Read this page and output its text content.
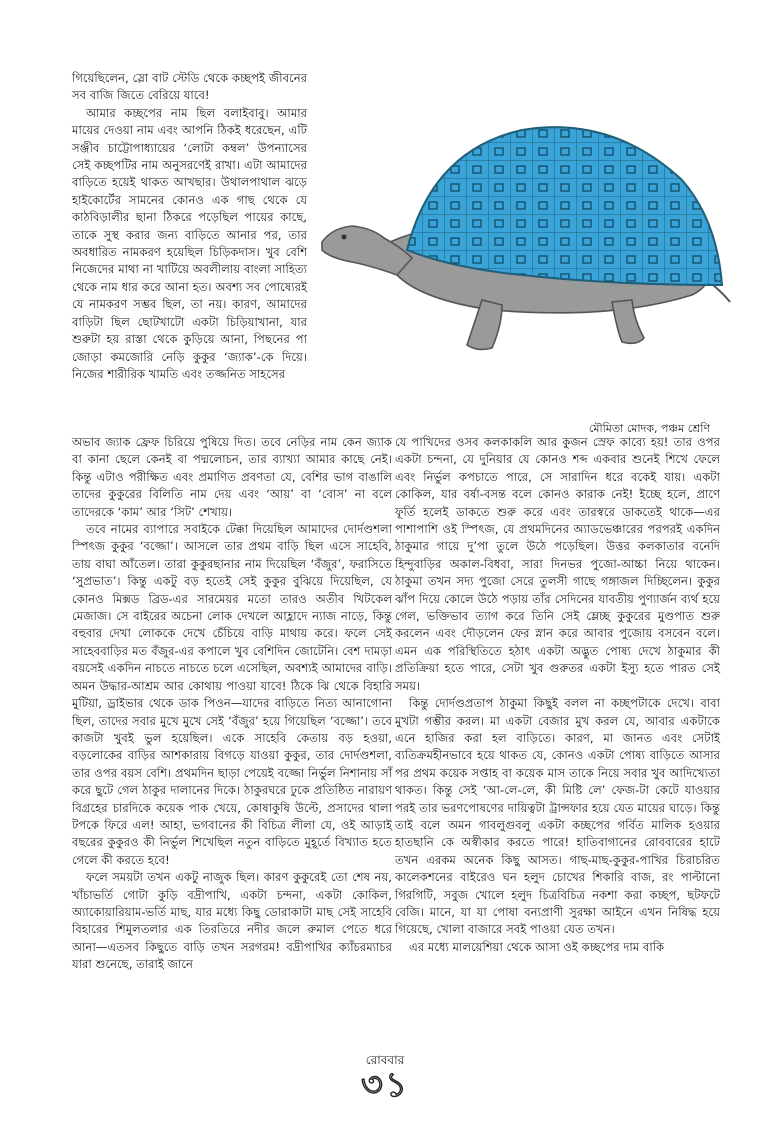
গিয়েছিলেন, স্লো বাট স্টেডি থেকে কচ্ছপই জীবনের সব বাজি জিতে বেরিয়ে যাবে!

আমার কচ্ছপের নাম ছিল বলাইবাবু। আমার মায়ের দেওয়া নাম এবং আপনি ঠিকই ধরেছেন, এটি সঞ্জীব চাট্টোপাধ্যায়ের ‘লোটা কম্বল’ উপন্যাসের সেই কচ্ছপটির নাম অনুসরণেই রাখা। এটা আমাদের বাড়িতে হয়েই থাকত আখছার। উথালপাথাল ঝড়ে হাইকোর্টের সামনের কোনও এক গাছ থেকে যে কাঠবিড়ালীর ছানা ঠিকরে পড়েছিল পায়ের কাছে, তাকে সুস্থ করার জন্য বাড়িতে আনার পর, তার অবধারিত নামকরণ হয়েছিল চিড়িকদাস। খুব বেশি নিজেদের মাথা না খাটিয়ে অবলীলায় বাংলা সাহিত্য থেকে নাম ধার করে আনা হত। অবশ্য সব পোষ্যেরই যে নামকরণ সম্ভব ছিল, তা নয়। কারণ, আমাদের বাড়িটা ছিল ছোটখাটো একটা চিড়িয়াখানা, যার শুরুটা হয় রাস্তা থেকে কুড়িয়ে আনা, পিছনের পা জোড়া কমজোরি নেড়ি কুকুর ‘জ্যাক’-কে দিয়ে। নিজের শারীরিক খামতি এবং তজ্জনিত সাহসের

মৌমিতা মোদক, পঞ্চম শ্রেণি

অভাব জ্যাক ফ্রেফ চিরিয়ে পুষিয়ে দিত। তবে নেড়ির নাম কেন জ্যাক বা কানা ছেলে কেনই বা পদ্মলোচন, তার ব্যাখ্যা আমার কাছে নেই। কিন্তু এটাও পরীক্ষিত এবং প্রমাণিত প্রবণতা যে, বেশির ভাগ বাঙালি তাদের কুকুরের বিলিতি নাম দেয় এবং ‘আয়’ বা ‘বোস’ না বলে তাদেরকে ‘কাম’ আর ‘সিট’ শেখায়।

তবে নামের ব্যাপারে সবাইকে টেক্কা দিয়েছিল আমাদের দোর্দণ্ডশলা স্পিৎজ কুকুর ‘বজ্জো’। আসলে তার প্রথম বাড়ি ছিল এসে সাহেবি, তায় বাঘা আঁতেল। তারা কুকুরছানার নাম দিয়েছিল ‘বঁজুর’, ফরাসিতে ‘সুপ্রভাত’। কিন্তু একটু বড় হতেই সেই কুকুর বুঝিয়ে দিয়েছিল, যে কোনও মিক্সড ব্রিড-এর সারমেয়র মতো তারও অতীব খিটকেল মেজাজ। সে বাইরের অচেনা লোক দেখলে আহ্লাদে ন্যাজ নাড়ে, কিন্তু বহুবার দেখা লোককে দেখে চেঁচিয়ে বাড়ি মাথায় করে। ফলে সেই সাহেববাড়ির মত বঁজুর-এর কপালে খুব বেশিদিন জোটেনি। বেশ দামড়া বয়সেই একদিন নাচতে নাচতে চলে এসেছিল, অবশ্যই আমাদের বাড়ি। অমন উদ্ধার-আশ্রম আর কোথায় পাওয়া যাবে! ঠিকে ঝি থেকে বিহারি মুটিয়া, ড্রাইভার থেকে ডাক পিওন—যাদের বাড়িতে নিত্য আনাগোনা ছিল, তাদের সবার মুখে মুখে সেই ‘বঁজুর’ হয়ে গিয়েছিল ‘বজ্জো’। তবে কাজটা খুবই ভুল হয়েছিল। একে সাহেবি কেতায় বড় হওয়া, বড়লোকের বাড়ির আশকারায় বিগড়ে যাওয়া কুকুর, তার দোর্দণ্ডশলা, তার ওপর বয়স বেশি। প্রথমদিন ছাড়া পেয়েই বজ্জো নির্ভুল নিশানায় সাঁ করে ছুটে গেল ঠাকুর দালানের দিকে। ঠাকুরঘরে ঢুকে প্রতিষ্ঠিত নারায়ণ বিগ্রহের চারদিকে কয়েক পাক খেয়ে, কোষাকুষি উল্টে, প্রসাদের থালা টপকে ফিরে এল! আহা, ভগবানের কী বিচিত্র লীলা যে, ওই আড়াই বছরের কুকুরও কী নির্ভুল শিখেছিল নতুন বাড়িতে মুহূর্তে বিখ্যাত হতে গেলে কী করতে হবে!

ফলে সময়টা তখন একটু নাজুক ছিল। কারণ কুকুরেই তো শেষ নয়, খাঁচাভর্তি গোটা কুড়ি বদ্রীপাখি, একটা চন্দনা, একটা কোকিল, অ্যাকোয়ারিয়াম-ভর্তি মাছ, যার মধ্যে কিছু ডোরাকাটা মাছ সেই সাহেবি বিহারের শিমুলতলার এক তিরতিরে নদীর জলে রুমাল পেতে ধরে আনা—এতসব কিছুতে বাড়ি তখন সরগরম! বদ্রীপাখির ক্যাঁচরম্যাচর যারা শুনেছে, তারাই জানে

যে পাখিদের ওসব কলকাকলি আর কুজন স্রেফ কাব্যে হয়! তার ওপর একটা চন্দনা, যে দুনিয়ার যে কোনও শব্দ একবার শুনেই শিখে ফেলে এবং নির্ভুল কপচাতে পারে, সে সারাদিন ধরে বকেই যায়। একটা কোকিল, যার বর্ষা-বসন্ত বলে কোনও কারাক নেই! ইচ্ছে হলে, প্রাণে ফূর্তি হলেই ডাকতে শুরু করে এবং তারস্বরে ডাকতেই থাকে—এর পাশাপাশি ওই স্পিৎজ, যে প্রথমদিনের অ্যাডভেঞ্চারের পরপরই একদিন ঠাকুমার গায়ে দু’পা তুলে উঠে পড়েছিল। উত্তর কলকাতার বনেদি হিন্দুবাড়ির অকাল-বিধবা, সারা দিনভর পুজো-আচ্চা নিয়ে থাকেন। ঠাকুমা তখন সদ্য পুজো সেরে তুলসী গাছে গঙ্গাজল দিচ্ছিলেন। কুকুর ঝাঁপ দিয়ে কোলে উঠে পড়ায় তাঁর সেদিনের যাবতীয় পুণ্যার্জন ব্যর্থ হয়ে গেল, ভক্তিভাব ত্যাগ করে তিনি সেই ম্লেচ্ছ কুকুরের মুণ্ডপাত শুরু করলেন এবং দৌড়লেন ফের স্নান করে আবার পুজোয় বসবেন বলে। এমন এক পরিস্থিতিতে হঠাৎ একটা অদ্ভুত পোষ্য দেখে ঠাকুমার কী প্রতিক্রিয়া হতে পারে, সেটা খুব গুরুতর একটা ইস্যু হতে পারত সেই সময়।

কিন্তু দোর্দণ্ডপ্রতাপ ঠাকুমা কিছুই বলল না কচ্ছপটাকে দেখে। বাবা মুখটা গম্ভীর করল। মা একটা বেজার মুখ করল যে, আবার একটাকে এনে হাজির করা হল বাড়িতে। কারণ, মা জানত এবং সেটাই ব্যতিক্রমহীনভাবে হয়ে থাকত যে, কোনও একটা পোষ্য বাড়িতে আসার পর প্রথম কয়েক সপ্তাহ বা কয়েক মাস তাকে নিয়ে সবার খুব আদিখ্যেতা থাকত। কিন্তু সেই ‘আ-লে-লে, কী মিষ্টি লে’ ফেজ-টা কেটে যাওয়ার পরই তার ভরণপোষণের দায়িত্বটা ট্রান্সফার হয়ে যেত মায়ের ঘাড়ে। কিন্তু তাই বলে অমন গাবলুগুবলু একটা কচ্ছপের গর্বিত মালিক হওয়ার হাতছানি কে অস্বীকার করতে পারে! হাতিবাগানের রোববারের হাটে তখন এরকম অনেক কিছু আসত। গাছ-মাছ-কুকুর-পাখির চিরাচরিত কালেকশনের বাইরেও ঘন হলুদ চোখের শিকারি বাজ, রং পাল্টানো গিরগিটি, সবুজ খোলে হলুদ চিত্রবিচিত্র নকশা করা কচ্ছপ, ছটফটে বেজি। মানে, যা যা পোষা বন্যপ্রাণী সুরক্ষা আইনে এখন নিষিদ্ধ হয়ে গিয়েছে, খোলা বাজারে সবই পাওয়া যেত তখন।

এর মধ্যে মালয়েশিয়া থেকে আসা ওই কচ্ছপের দাম বাকি

রোববার
৩১
